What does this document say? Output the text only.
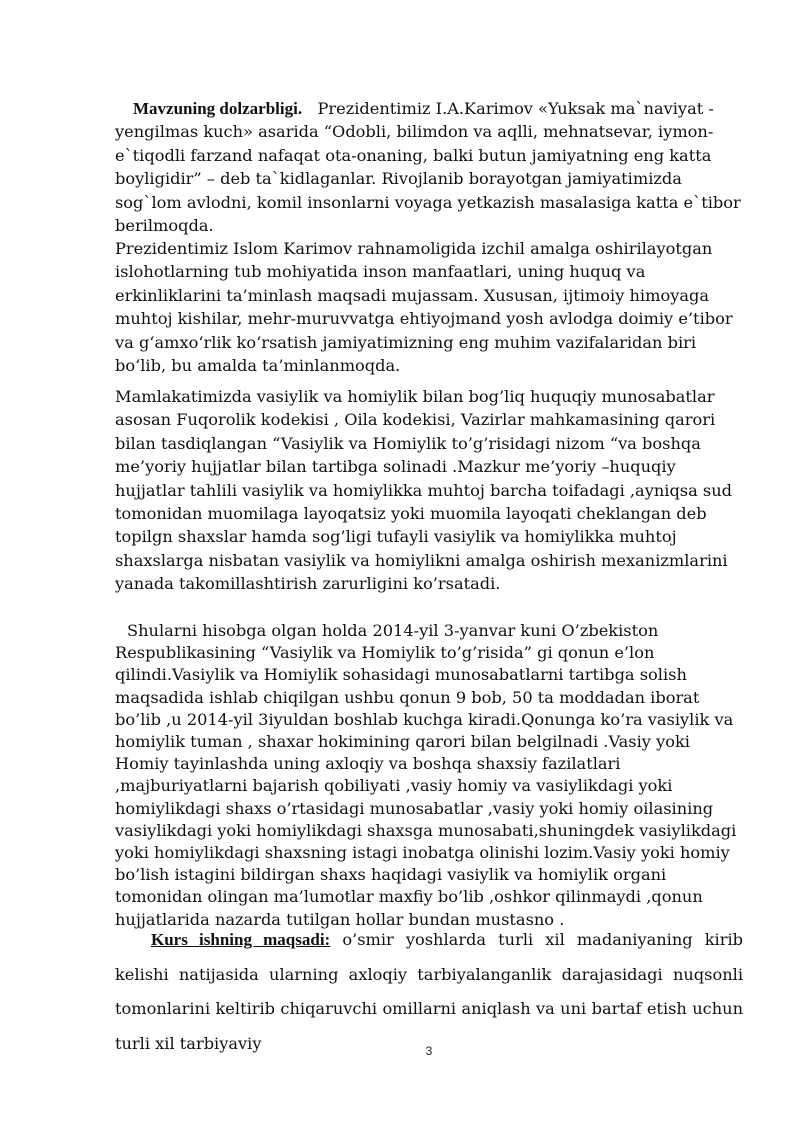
Mavzuning dolzarbligi. Prezidentimiz I.A.Karimov «Yuksak ma`naviyat - yengilmas kuch» asarida “Odobli, bilimdon va aqlli, mehnatsevar, iymon-e`tiqodli farzand nafaqat ota-onaning, balki butun jamiyatning eng katta boyligidir” – deb ta`kidlaganlar. Rivojlanib borayotgan jamiyatimizda sog`lom avlodni, komil insonlarni voyaga yetkazish masalasiga katta e`tibor berilmoqda.

Prezidentimiz Islom Karimov rahnamoligida izchil amalga oshirilayotgan islohotlarning tub mohiyatida inson manfaatlari, uning huquq va erkinliklarini ta’minlash maqsadi mujassam. Xususan, ijtimoiy himoyaga muhtoj kishilar, mehr-muruvvatga ehtiyojmand yosh avlodga doimiy e’tibor va g‘amxo‘rlik ko‘rsatish jamiyatimizning eng muhim vazifalaridan biri bo‘lib, bu amalda ta’minlanmoqda.

Mamlakatimizda vasiylik va homiylik bilan bog’liq huquqiy munosabatlar asosan Fuqorolik kodekisi , Oila kodekisi, Vazirlar mahkamasining qarori bilan tasdiqlangan “Vasiylik va Homiylik to’g’risidagi nizom “va boshqa me’yoriy hujjatlar bilan tartibga solinadi .Mazkur me’yoriy –huquqiy hujjatlar tahlili vasiylik va homiylikka muhtoj barcha toifadagi ,ayniqsa sud tomonidan muomilaga layoqatsiz yoki muomila layoqati cheklangan deb topilgn shaxslar hamda sog’ligi tufayli vasiylik va homiylikka muhtoj shaxslarga nisbatan vasiylik va homiylikni amalga oshirish mexanizmlarini yanada takomillashtirish zarurligini ko’rsatadi.

Shularni hisobga olgan holda 2014-yil 3-yanvar kuni O’zbekiston Respublikasining “Vasiylik va Homiylik to’g’risida” gi qonun e’lon qilindi.Vasiylik va Homiylik sohasidagi munosabatlarni tartibga solish maqsadida ishlab chiqilgan ushbu qonun 9 bob, 50 ta moddadan iborat bo’lib ,u 2014-yil 3iyuldan boshlab kuchga kiradi.Qonunga ko’ra vasiylik va homiylik tuman , shaxar hokimining qarori bilan belgilnadi .Vasiy yoki Homiy tayinlashda uning axloqiy va boshqa shaxsiy fazilatlari ,majburiyatlarni bajarish qobiliyati ,vasiy homiy va vasiylikdagi yoki homiylikdagi shaxs o’rtasidagi munosabatlar ,vasiy yoki homiy oilasining vasiylikdagi yoki homiylikdagi shaxsga munosabati,shuningdek vasiylikdagi yoki homiylikdagi shaxsning istagi inobatga olinishi lozim.Vasiy yoki homiy bo’lish istagini bildirgan shaxs haqidagi vasiylik va homiylik organi tomonidan olingan ma’lumotlar maxfiy bo’lib ,oshkor qilinmaydi ,qonun hujjatlarida nazarda tutilgan hollar bundan mustasno .

Kurs ishning maqsadi: o’smir yoshlarda turli xil madaniyaning kirib kelishi natijasida ularning axloqiy tarbiyalanganlik darajasidagi nuqsonli tomonlarini keltirib chiqaruvchi omillarni aniqlash va uni bartaf etish uchun turli xil tarbiyaviy	3
